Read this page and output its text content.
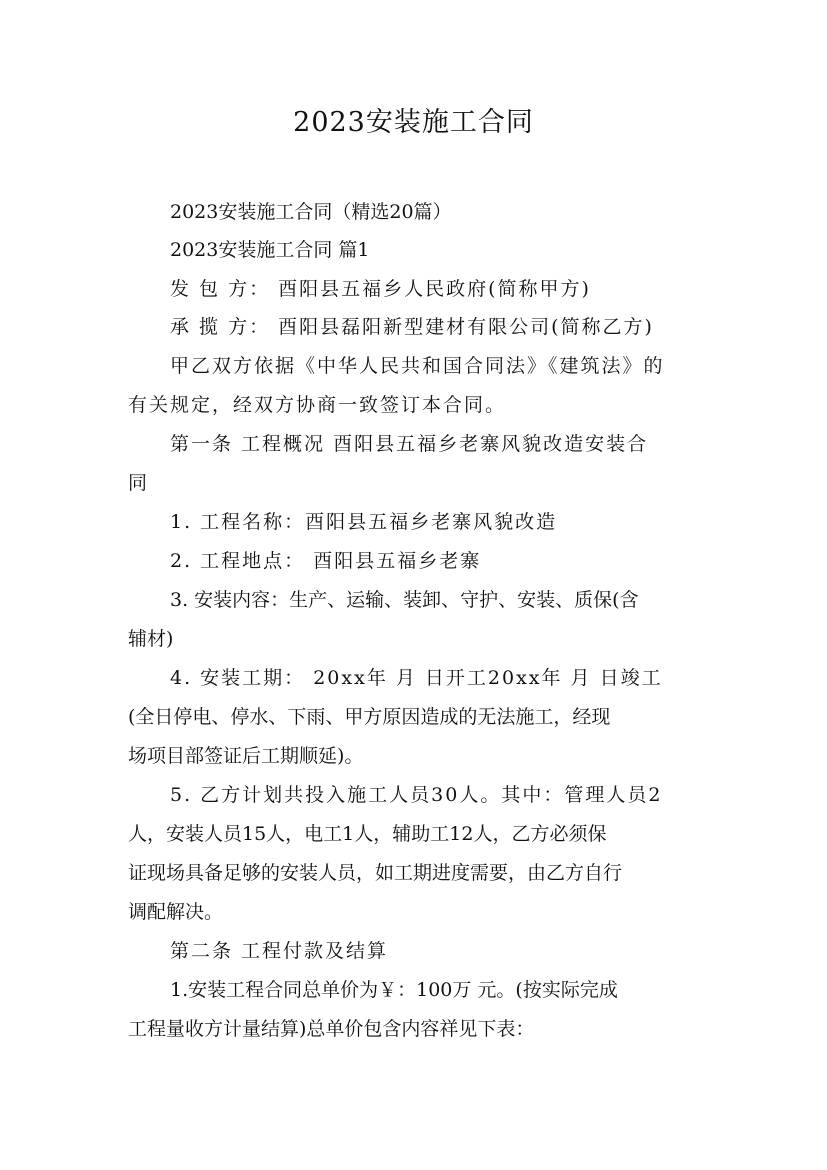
2023安装施工合同
2023安装施工合同（精选20篇）
2023安装施工合同 篇1
发 包 方： 酉阳县五福乡人民政府(简称甲方)
承 揽 方： 酉阳县磊阳新型建材有限公司(简称乙方)
甲乙双方依据《中华人民共和国合同法》《建筑法》的
有关规定，经双方协商一致签订本合同。
第一条 工程概况 酉阳县五福乡老寨风貌改造安装合
同
1. 工程名称：酉阳县五福乡老寨风貌改造
2. 工程地点： 酉阳县五福乡老寨
3. 安装内容：生产、运输、装卸、守护、安装、质保(含
辅材)
4. 安装工期： 20xx年 月 日开工20xx年 月 日竣工
(全日停电、停水、下雨、甲方原因造成的无法施工，经现
场项目部签证后工期顺延)。
5. 乙方计划共投入施工人员30人。其中：管理人员2
人，安装人员15人，电工1人，辅助工12人，乙方必须保
证现场具备足够的安装人员，如工期进度需要，由乙方自行
调配解决。
第二条 工程付款及结算
1.安装工程合同总单价为￥：100万 元。(按实际完成
工程量收方计量结算)总单价包含内容祥见下表：
